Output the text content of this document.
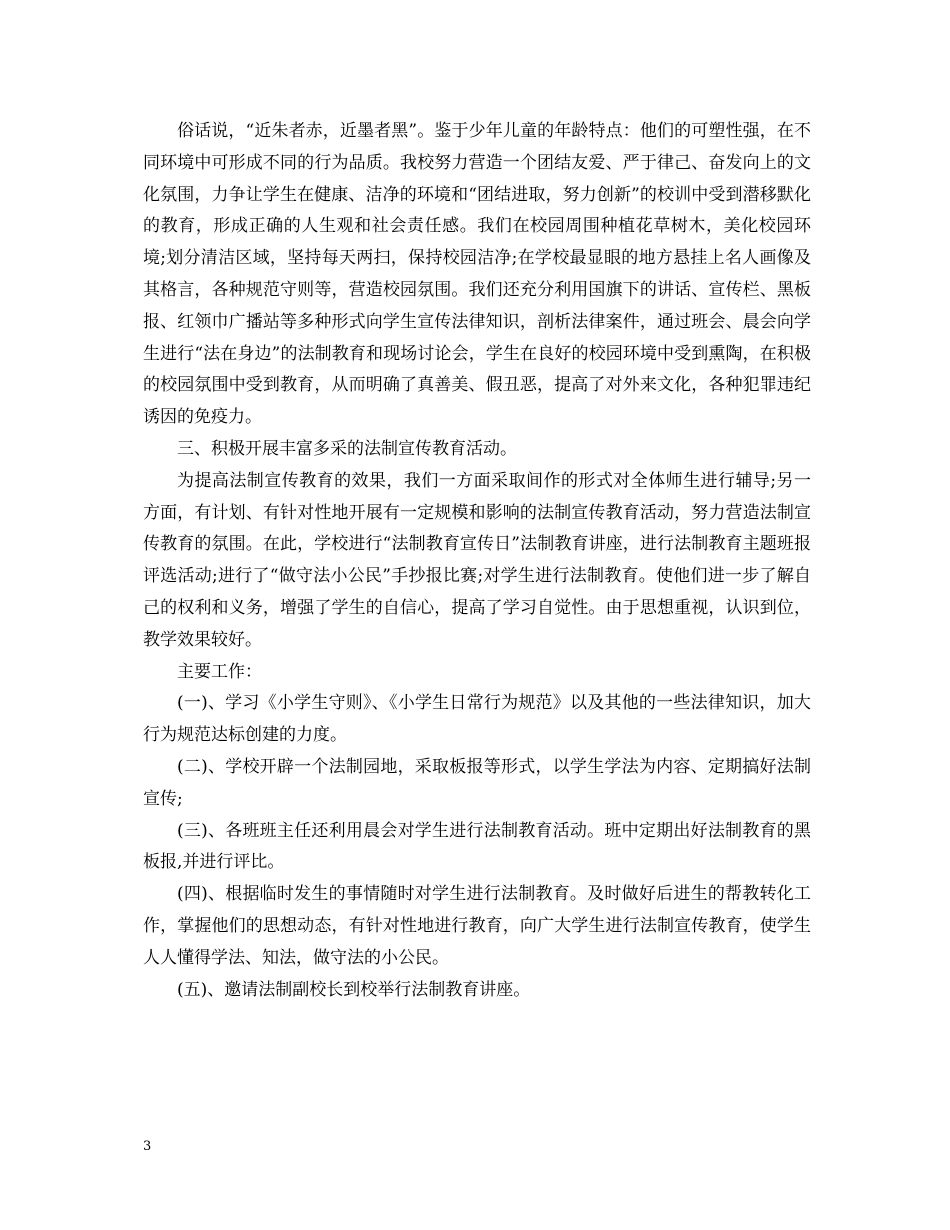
俗话说，“近朱者赤，近墨者黑”。鉴于少年儿童的年龄特点：他们的可塑性强，在不同环境中可形成不同的行为品质。我校努力营造一个团结友爱、严于律己、奋发向上的文化氛围，力争让学生在健康、洁净的环境和“团结进取，努力创新”的校训中受到潜移默化的教育，形成正确的人生观和社会责任感。我们在校园周围种植花草树木，美化校园环境;划分清洁区域，坚持每天两扫，保持校园洁净;在学校最显眼的地方悬挂上名人画像及其格言，各种规范守则等，营造校园氛围。我们还充分利用国旗下的讲话、宣传栏、黑板报、红领巾广播站等多种形式向学生宣传法律知识，剖析法律案件，通过班会、晨会向学生进行“法在身边”的法制教育和现场讨论会，学生在良好的校园环境中受到熏陶，在积极的校园氛围中受到教育，从而明确了真善美、假丑恶，提高了对外来文化，各种犯罪违纪诱因的免疫力。

三、积极开展丰富多采的法制宣传教育活动。

为提高法制宣传教育的效果，我们一方面采取间作的形式对全体师生进行辅导;另一方面，有计划、有针对性地开展有一定规模和影响的法制宣传教育活动，努力营造法制宣传教育的氛围。在此，学校进行“法制教育宣传日”法制教育讲座，进行法制教育主题班报评选活动;进行了“做守法小公民”手抄报比赛;对学生进行法制教育。使他们进一步了解自己的权利和义务，增强了学生的自信心，提高了学习自觉性。由于思想重视，认识到位，教学效果较好。

主要工作：

(一)、学习《小学生守则》、《小学生日常行为规范》以及其他的一些法律知识，加大行为规范达标创建的力度。

(二)、学校开辟一个法制园地，采取板报等形式，以学生学法为内容、定期搞好法制宣传;

(三)、各班班主任还利用晨会对学生进行法制教育活动。班中定期出好法制教育的黑板报,并进行评比。

(四)、根据临时发生的事情随时对学生进行法制教育。及时做好后进生的帮教转化工作，掌握他们的思想动态，有针对性地进行教育，向广大学生进行法制宣传教育，使学生人人懂得学法、知法，做守法的小公民。

(五)、邀请法制副校长到校举行法制教育讲座。

3
